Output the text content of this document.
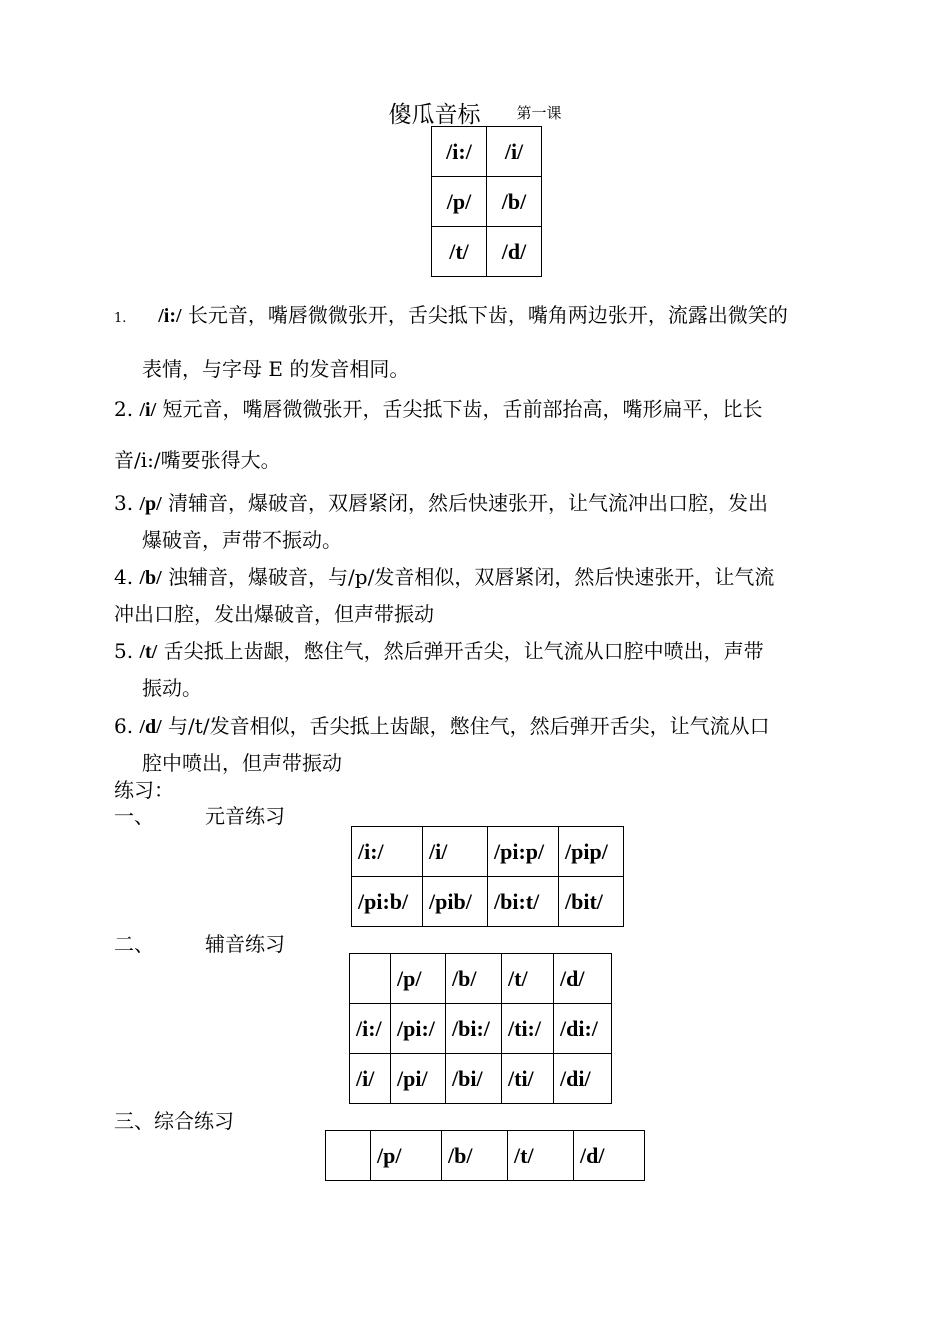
傻瓜音标 第一课
/i:/	/i/
/p/	/b/
/t/	/d/
1. /i:/ 长元音，嘴唇微微张开，舌尖抵下齿，嘴角两边张开，流露出微笑的
表情，与字母 E 的发音相同。
2. /i/ 短元音，嘴唇微微张开，舌尖抵下齿，舌前部抬高，嘴形扁平，比长
音/i:/嘴要张得大。
3. /p/ 清辅音，爆破音，双唇紧闭，然后快速张开，让气流冲出口腔，发出
爆破音，声带不振动。
4. /b/ 浊辅音，爆破音，与/p/发音相似，双唇紧闭，然后快速张开，让气流
冲出口腔，发出爆破音，但声带振动
5. /t/ 舌尖抵上齿龈，憋住气，然后弹开舌尖，让气流从口腔中喷出，声带
振动。
6. /d/ 与/t/发音相似，舌尖抵上齿龈，憋住气，然后弹开舌尖，让气流从口
腔中喷出，但声带振动
练习：
一、	元音练习
/i:/	/i/	/pi:p/	/pip/
/pi:b/	/pib/	/bi:t/	/bit/
二、	辅音练习
	/p/	/b/	/t/	/d/
/i:/	/pi:/	/bi:/	/ti:/	/di:/
/i/	/pi/	/bi/	/ti/	/di/
三、综合练习
	/p/	/b/	/t/	/d/
